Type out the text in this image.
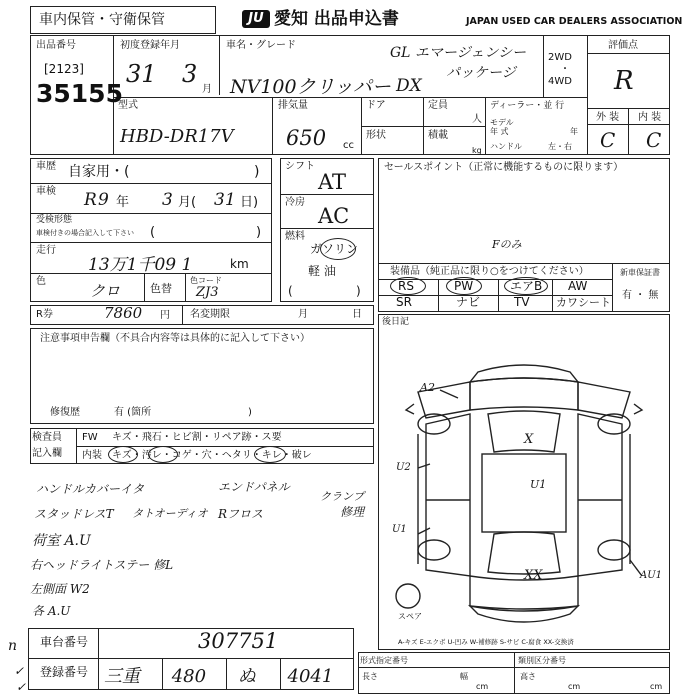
車内保管・守衛保管	JU 愛知 出品申込書	JAPAN USED CAR DEALERS ASSOCIATION
出品番号
[2123]
35155
初度登録年月
31 3
月
車名・グレード	GL エマージェンシー
パッケージ
NV100クリッパー DX
2WD
・
4WD
評価点
R
外 装 内 装
C C
型式
HBD-DR17V
排気量
650 cc
ドア	定員
人
形状	積載
kg
ディーラー・並 行
モデル
年 式	年
ハンドル	左・右
車歴 自家用・(	)
車検 R 9 年 3 月( 31 日)
受検形態
車検付きの場合記入して下さい (	)
走行
13万1千09 1	km
色
クロ	色替
色コード
ZJ3
シフト
AT
冷房
AC
燃料
ガソリン
軽 油
(	)
セールスポイント（正常に機能するものに限ります）
Fのみ
装備品（純正品に限り○をつけてください）
RS	PW	エアB AW
SR	ナビ	TV カワシート
新車保証書
有 ・ 無
R券	7860 円 名変期限	月	日
注意事項申告欄（不具合内容等は具体的に記入して下さい）
修復歴	有 (箇所	)
検査員
記入欄
FW キズ・飛石・ヒビ割・リペア跡・ス要
内装 キズ・汚レ・コゲ・穴・ヘタリ・キレ・破レ
ハンドルカバーイタ	エンドパネル
クランプ
スタッドレスT タトオーディオ Rフロス	修理
荷室 A.U
右ヘッドライトステー 修L
左側面 W2
各 A.U
n
✓
✓
後日記
A2
U2
U1
U1
X
XX	AU1
スペア
A-キズ E-エクボ U-凹み W-補修跡 S-サビ C-腐食 XX-交換済
車台番号	307751
登録番号 三重 480 ぬ 4041
形式指定番号	類別区分番号
長さ	幅	高さ
cm	cm	cm
